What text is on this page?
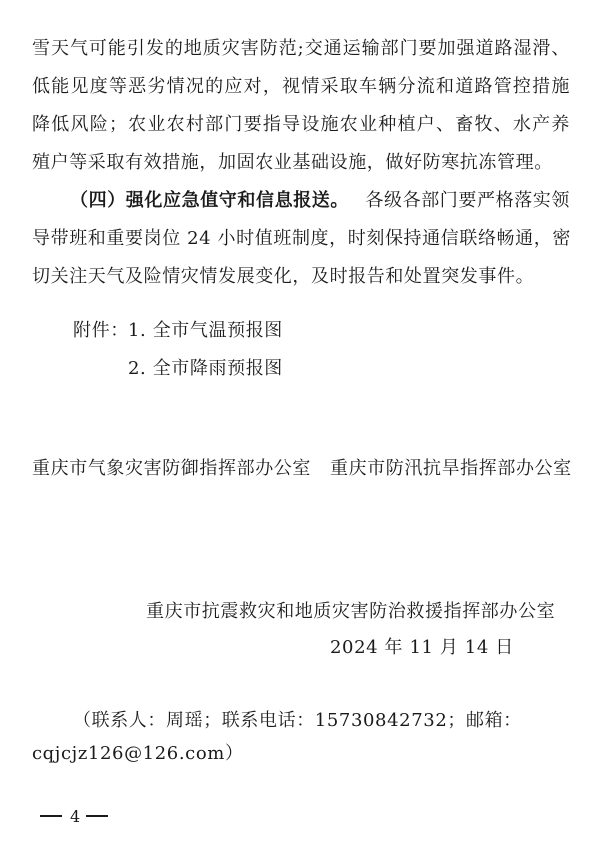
雪天气可能引发的地质灾害防范;交通运输部门要加强道路湿滑、
低能见度等恶劣情况的应对，视情采取车辆分流和道路管控措施
降低风险；农业农村部门要指导设施农业种植户、畜牧、水产养
殖户等采取有效措施，加固农业基础设施，做好防寒抗冻管理。
（四）强化应急值守和信息报送。 各级各部门要严格落实领
导带班和重要岗位 24 小时值班制度，时刻保持通信联络畅通，密
切关注天气及险情灾情发展变化，及时报告和处置突发事件。
附件： 1. 全市气温预报图
2. 全市降雨预报图
重庆市气象灾害防御指挥部办公室   重庆市防汛抗旱指挥部办公室
重庆市抗震救灾和地质灾害防治救援指挥部办公室
2024 年 11 月 14 日
（联系人：周瑶；联系电话：15730842732；邮箱：
cqjcjz126@126.com）
4
